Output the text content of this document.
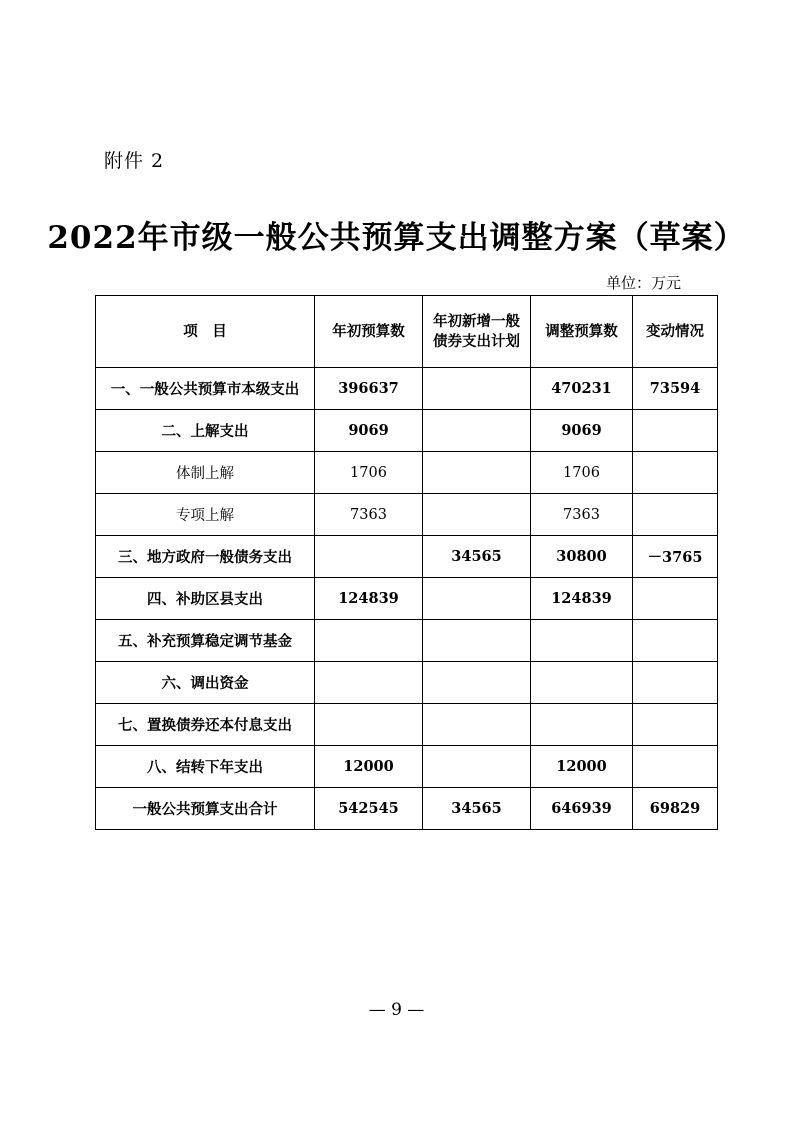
附件 2
2022年市级一般公共预算支出调整方案（草案）
单位：万元
项　目	年初预算数	年初新增一般债券支出计划	调整预算数	变动情况
一、一般公共预算市本级支出	396637		470231	73594
二、上解支出	9069		9069	
体制上解	1706		1706	
专项上解	7363		7363	
三、地方政府一般债务支出		34565	30800	－3765
四、补助区县支出	124839		124839	
五、补充预算稳定调节基金				
六、调出资金				
七、置换债券还本付息支出				
八、结转下年支出	12000		12000	
一般公共预算支出合计	542545	34565	646939	69829
— 9 —
